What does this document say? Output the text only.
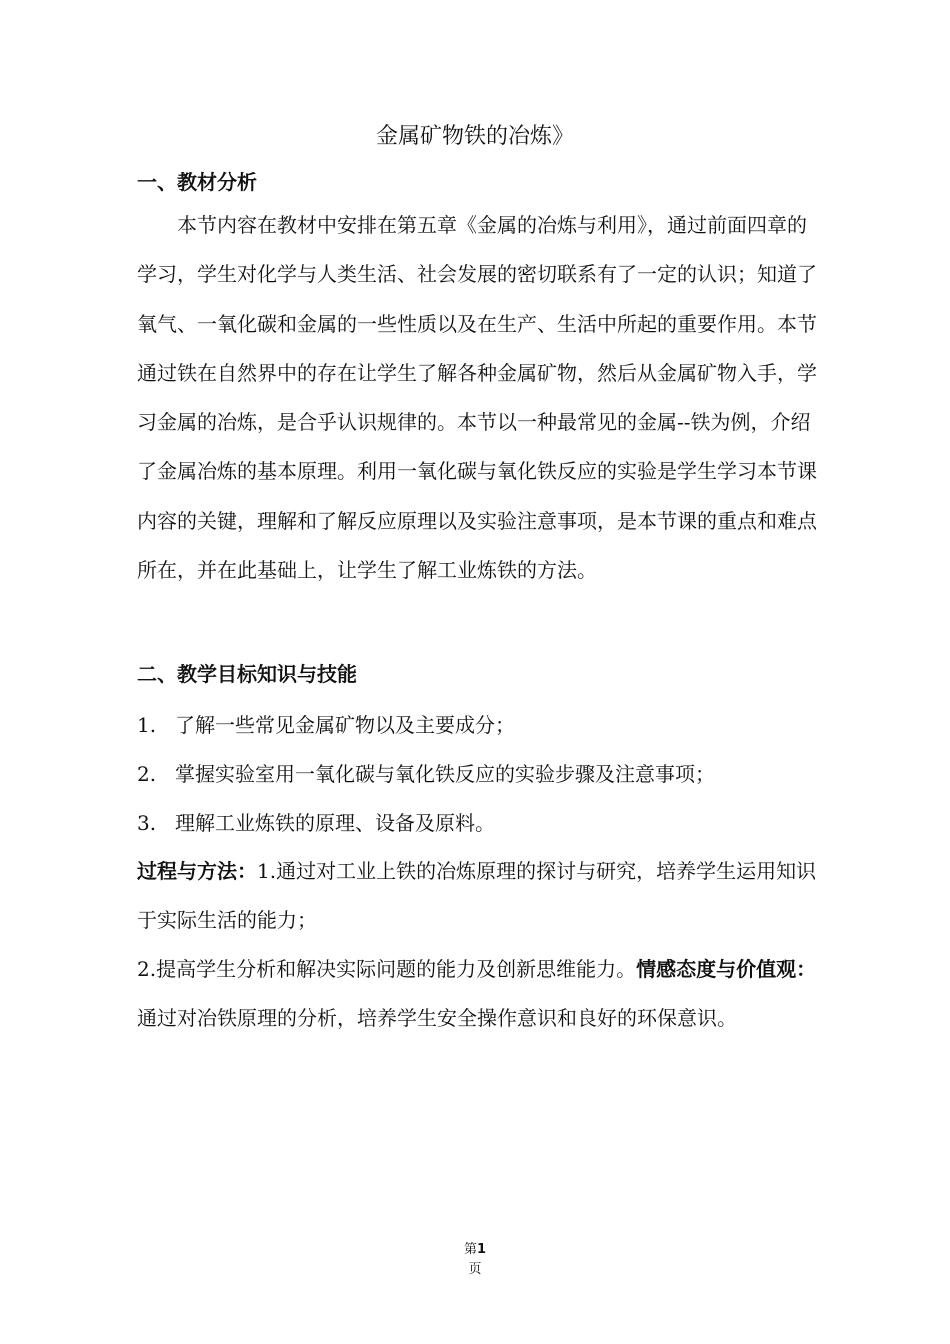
金属矿物铁的冶炼》
一、教材分析

本节内容在教材中安排在第五章《金属的冶炼与利用》，通过前面四章的学习，学生对化学与人类生活、社会发展的密切联系有了一定的认识；知道了氧气、一氧化碳和金属的一些性质以及在生产、生活中所起的重要作用。本节通过铁在自然界中的存在让学生了解各种金属矿物，然后从金属矿物入手，学习金属的冶炼，是合乎认识规律的。本节以一种最常见的金属--铁为例，介绍了金属冶炼的基本原理。利用一氧化碳与氧化铁反应的实验是学生学习本节课内容的关键，理解和了解反应原理以及实验注意事项，是本节课的重点和难点所在，并在此基础上，让学生了解工业炼铁的方法。

二、教学目标知识与技能
1. 了解一些常见金属矿物以及主要成分；
2. 掌握实验室用一氧化碳与氧化铁反应的实验步骤及注意事项；
3. 理解工业炼铁的原理、设备及原料。

过程与方法：1.通过对工业上铁的冶炼原理的探讨与研究，培养学生运用知识于实际生活的能力；

2.提高学生分析和解决实际问题的能力及创新思维能力。情感态度与价值观：通过对冶铁原理的分析，培养学生安全操作意识和良好的环保意识。

第1
页
